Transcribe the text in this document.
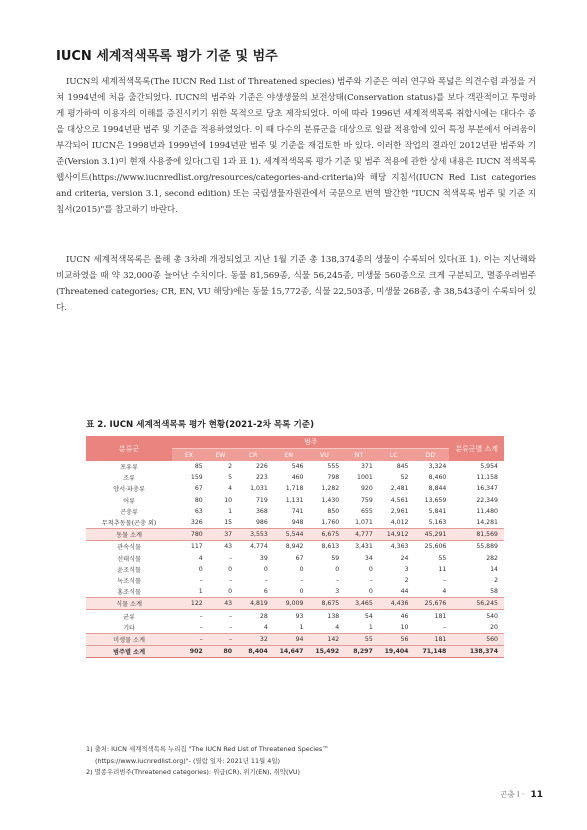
IUCN 세계적색목록 평가 기준 및 범주

IUCN의 세계적색목록(The IUCN Red List of Threatened species) 범주와 기준은 여러 연구와 폭넓은 의견수렴 과정을 거쳐 1994년에 처음 출간되었다. IUCN의 범주와 기준은 야생생물의 보전상태(Conservation status)를 보다 객관적이고 투명하게 평가하여 이용자의 이해를 증진시키기 위한 목적으로 당초 제작되었다. 이에 따라 1996년 세계적색목록 취합시에는 대다수 종을 대상으로 1994년판 범주 및 기준을 적용하였었다. 이 때 다수의 분류군을 대상으로 일괄 적용함에 있어 특정 부분에서 어려움이 부각되어 IUCN은 1998년과 1999년에 1994년판 범주 및 기준을 재검토한 바 있다. 이러한 작업의 결과인 2012년판 범주와 기준(Version 3.1)이 현재 사용중에 있다(그림 1과 표 1). 세계적색목록 평가 기준 및 범주 적용에 관한 상세 내용은 IUCN 적색목록 웹사이트(https://www.iucnredlist.org/resources/categories-and-criteria)와 해당 지침서(IUCN Red List categories and criteria, version 3.1, second edition) 또는 국립생물자원관에서 국문으로 번역 발간한 "IUCN 적색목록 범주 및 기준 지침서(2015)"를 참고하기 바란다.

IUCN 세계적색목록은 올해 총 3차례 개정되었고 지난 1월 기준 총 138,374종의 생물이 수록되어 있다(표 1). 이는 지난해와 비교하였을 때 약 32,000종 늘어난 수치이다. 동물 81,569종, 식물 56,245종, 미생물 560종으로 크게 구분되고, 멸종우려범주(Threatened categories; CR, EN, VU 해당)에는 동물 15,772종, 식물 22,503종, 미생물 268종, 총 38,543종이 수록되어 있다.

표 2. IUCN 세계적색목록 평가 현황(2021-2차 목록 기준)
분류군	범주								분류군별 소계
	EX	EW	CR	EN	VU	NT	LC	DD	
포유류	85	2	226	546	555	371	845	3,324	5,954
조류	159	5	223	460	798	1001	52	8,460	11,158
양서·파충류	67	4	1,031	1,718	1,282	920	2,481	8,844	16,347
어류	80	10	719	1,131	1,430	759	4,561	13,659	22,349
곤충류	63	1	368	741	850	655	2,961	5,841	11,480
무척추동물(곤충 외)	326	15	986	948	1,760	1,071	4,012	5,163	14,281
동물 소계	780	37	3,553	5,544	6,675	4,777	14,912	45,291	81,569
관속식물	117	43	4,774	8,942	8,613	3,431	4,363	25,606	55,889
선태식물	4	–	39	67	59	34	24	55	282
윤조식물	0	0	0	0	0	0	3	11	14
녹조식물	–	–	–	–	–	–	2	–	2
홍조식물	1	0	6	0	3	0	44	4	58
식물 소계	122	43	4,819	9,009	8,675	3,465	4,436	25,676	56,245
균류	–	–	28	93	138	54	46	181	540
기타	–	–	4	1	4	1	10	–	20
미생물 소계	–	–	32	94	142	55	56	181	560
범주별 소계	902	80	8,404	14,647	15,492	8,297	19,404	71,148	138,374
1) 출처: IUCN 세계적색목록 누리집 "The IUCN Red List of Threatened Species™
(https://www.iucnredlist.org)"- (열람 일자: 2021년 11월 4일)
2) 멸종우려범주(Threatened categories): 위급(CR), 위기(EN), 취약(VU)
곤충 I · 11
